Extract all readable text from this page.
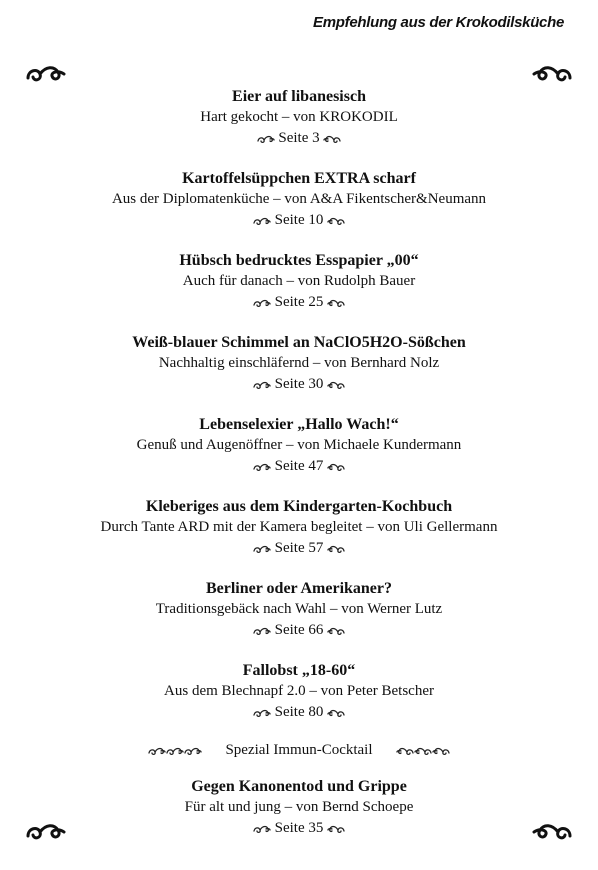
Empfehlung aus der Krokodilsküche
Eier auf libanesisch
Hart gekocht – von KROKODIL
Seite 3
Kartoffelsüppchen EXTRA scharf
Aus der Diplomatenküche – von A&A Fikentscher&Neumann
Seite 10
Hübsch bedrucktes Esspapier „00“
Auch für danach – von Rudolph Bauer
Seite 25
Weiß-blauer Schimmel an NaClO5H2O-Sößchen
Nachhaltig einschläfernd – von Bernhard Nolz
Seite 30
Lebenselexier „Hallo Wach!“
Genuß und Augenöffner – von Michaele Kundermann
Seite 47
Kleberiges aus dem Kindergarten-Kochbuch
Durch Tante ARD mit der Kamera begleitet – von Uli Gellermann
Seite 57
Berliner oder Amerikaner?
Traditionsgebäck nach Wahl – von Werner Lutz
Seite 66
Fallobst „18-60“
Aus dem Blechnapf 2.0 – von Peter Betscher
Seite 80
Spezial Immun-Cocktail
Gegen Kanonentod und Grippe
Für alt und jung – von Bernd Schoepe
Seite 35
